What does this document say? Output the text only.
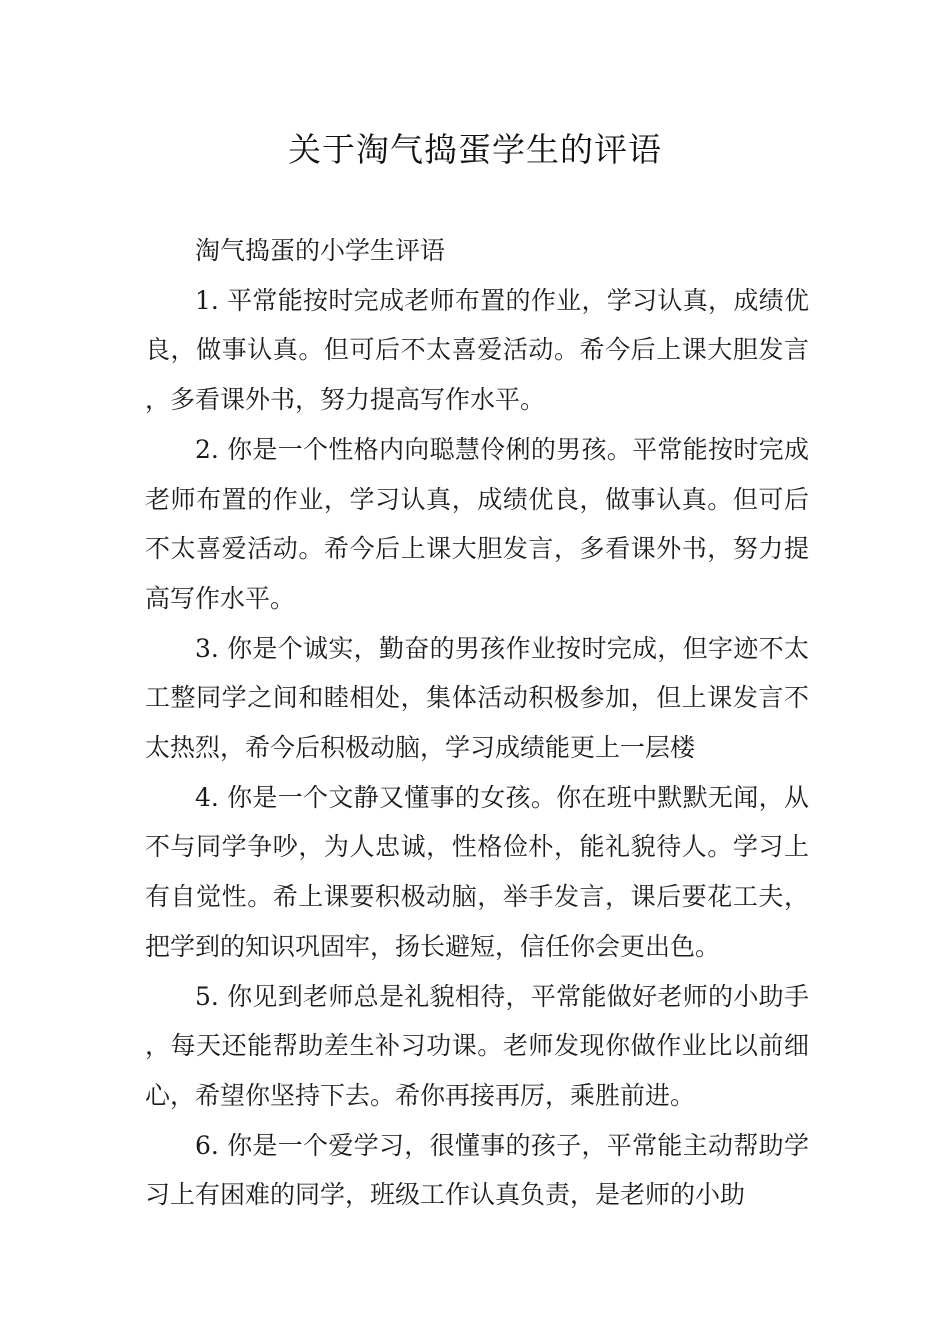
关于淘气捣蛋学生的评语

淘气捣蛋的小学生评语

1. 平常能按时完成老师布置的作业，学习认真，成绩优良，做事认真。但可后不太喜爱活动。希今后上课大胆发言，多看课外书，努力提高写作水平。

2. 你是一个性格内向聪慧伶俐的男孩。平常能按时完成老师布置的作业，学习认真，成绩优良，做事认真。但可后不太喜爱活动。希今后上课大胆发言，多看课外书，努力提高写作水平。

3. 你是个诚实，勤奋的男孩作业按时完成，但字迹不太工整同学之间和睦相处，集体活动积极参加，但上课发言不太热烈，希今后积极动脑，学习成绩能更上一层楼

4. 你是一个文静又懂事的女孩。你在班中默默无闻，从不与同学争吵，为人忠诚，性格俭朴，能礼貌待人。学习上有自觉性。希上课要积极动脑，举手发言，课后要花工夫，把学到的知识巩固牢，扬长避短，信任你会更出色。

5. 你见到老师总是礼貌相待，平常能做好老师的小助手，每天还能帮助差生补习功课。老师发现你做作业比以前细心，希望你坚持下去。希你再接再厉，乘胜前进。

6. 你是一个爱学习，很懂事的孩子，平常能主动帮助学习上有困难的同学，班级工作认真负责，是老师的小助
